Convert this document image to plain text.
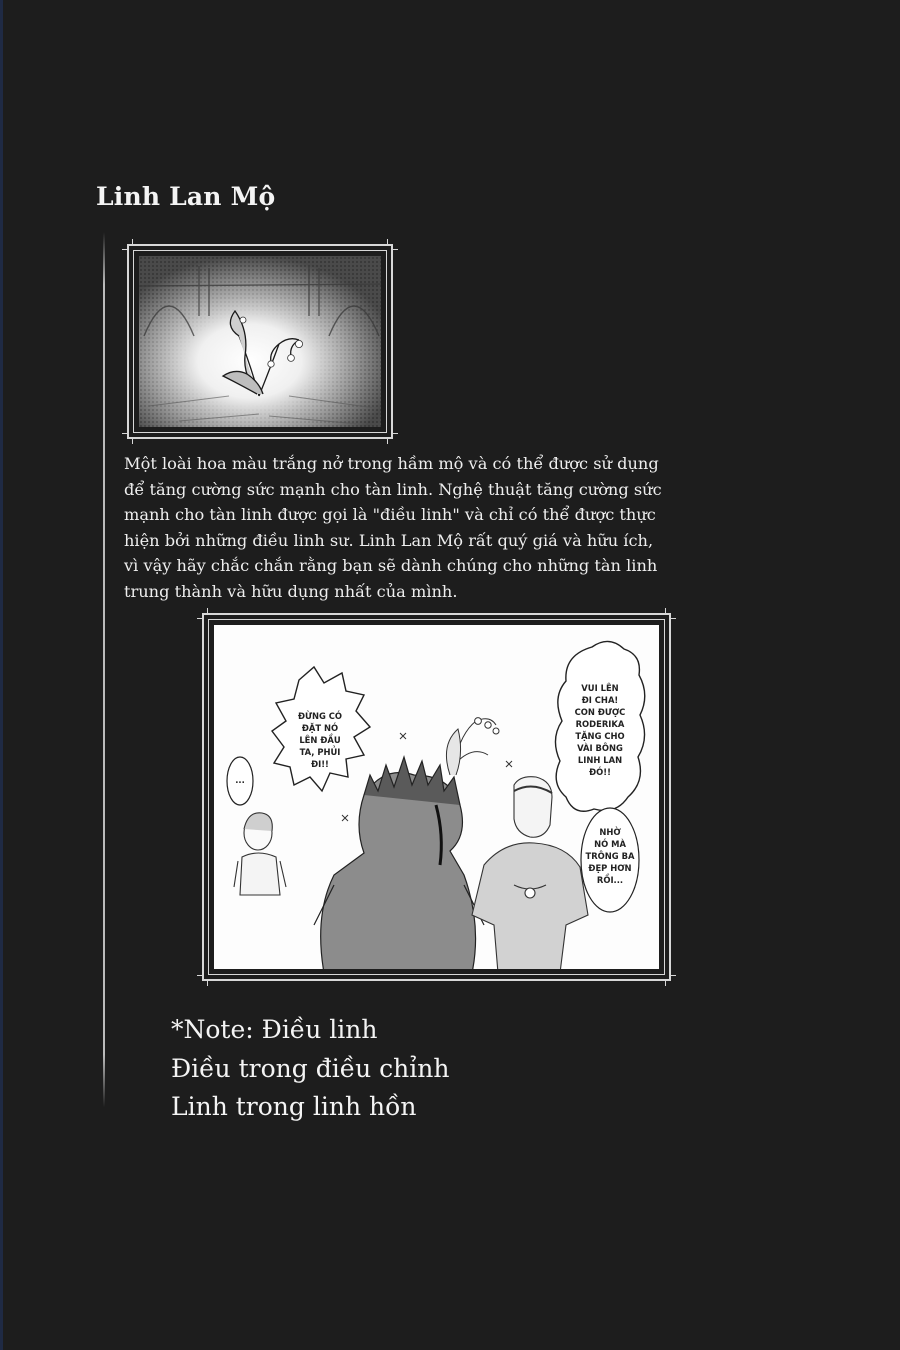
Linh Lan Mộ
Một loài hoa màu trắng nở trong hầm mộ và có thể được sử dụng
để tăng cường sức mạnh cho tàn linh. Nghệ thuật tăng cường sức
mạnh cho tàn linh được gọi là "điều linh" và chỉ có thể được thực
hiện bởi những điều linh sư. Linh Lan Mộ rất quý giá và hữu ích,
vì vậy hãy chắc chắn rằng bạn sẽ dành chúng cho những tàn linh
trung thành và hữu dụng nhất của mình.
ĐỪNG CÓ
ĐẶT NÓ
LÊN ĐẦU
TA, PHỦI
ĐI!!
...
VUI LÊN
ĐI CHA!
CON ĐƯỢC
RODERIKA
TẶNG CHO
VÀI BÔNG
LINH LAN
ĐÓ!!
NHỜ
NÓ MÀ
TRÔNG BA
ĐẸP HƠN
RỒI...
*Note: Điều linh
Điều trong điều chỉnh
Linh trong linh hồn
